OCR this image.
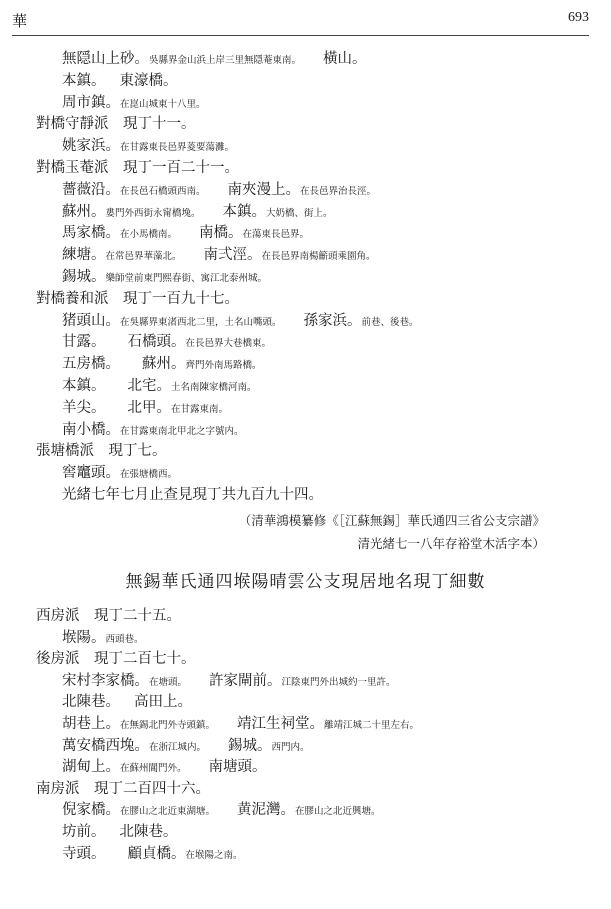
華	693
無隠山上砂。吳縣界金山浜上岸三里無隠菴東南。 橫山。
本鎮。 東濠橋。
周市鎮。在崑山城東十八里。
對橋守靜派　現丁十一。
姚家浜。在甘露東長邑界菱要蕩灘。
對橋玉菴派　現丁一百二十一。
薔薇沿。在長邑石橋頭西南。 南夾漫上。在長邑界治長涇。
蘇州。婁門外西街永甯橋堍。 本鎮。大奶橋、街上。
馬家橋。在小馬橋南。 南橋。在蕩東長邑界。
練塘。在常邑界華藻北。 南弍涇。在長邑界南楊籪頭乘園角。
錫城。樂師堂前東門熙春街、寓江北泰州城。
對橋養和派　現丁一百九十七。
猪頭山。在吳縣界東渚西北二里，土名山嘴頭。 孫家浜。前巷、後巷。
甘露。 石橋頭。在長邑界大巷橋東。
五房橋。 蘇州。齊門外南馬路橋。
本鎮。 北宅。土名南陳家橋河南。
羊尖。 北甲。在甘露東南。
南小橋。在甘露東南北甲北之字號内。
張塘橋派　現丁七。
窖竈頭。在張塘橋西。
光緒七年七月止查見現丁共九百九十四。
（清華鴻模纂修《［江蘇無錫］華氏通四三省公支宗譜》
清光緒七一八年存裕堂木活字本）
無錫華氏通四堠陽晴雲公支現居地名現丁細數
西房派　現丁二十五。
堠陽。西頭巷。
後房派　現丁二百七十。
宋村李家橋。在塘頭。 許家閘前。江陰東門外出城約一里許。
北陳巷。 高田上。
胡巷上。在無錫北門外寺頭鎮。 靖江生祠堂。離靖江城二十里左右。
萬安橋西堍。在浙江城内。 錫城。西門内。
湖甸上。在蘇州閶門外。 南塘頭。
南房派　現丁二百四十六。
倪家橋。在膠山之北近東湖塘。 黄泥灣。在膠山之北近興塘。
坊前。 北陳巷。
寺頭。 顧貞橋。在堠陽之南。
